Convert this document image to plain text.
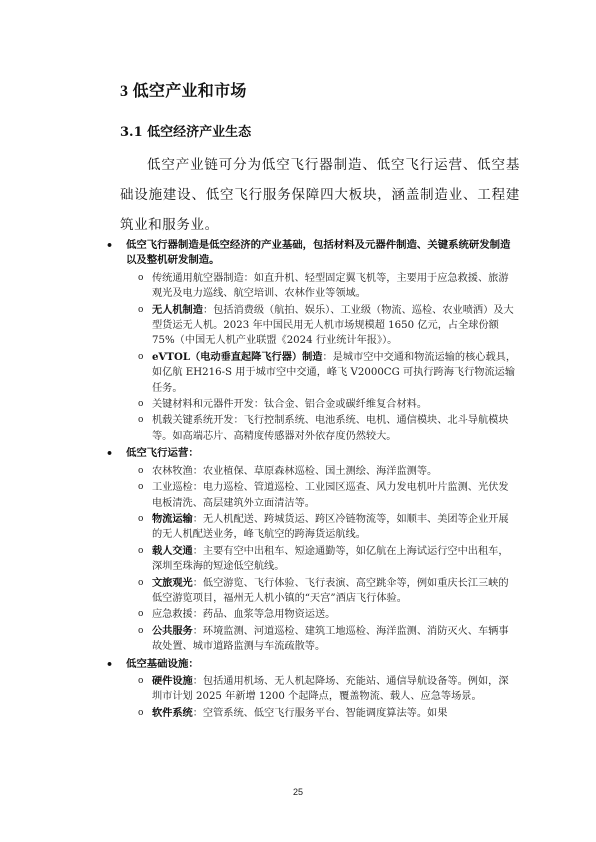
3 低空产业和市场
3.1 低空经济产业生态

低空产业链可分为低空飞行器制造、低空飞行运营、低空基础设施建设、低空飞行服务保障四大板块，涵盖制造业、工程建筑业和服务业。

• 低空飞行器制造是低空经济的产业基础，包括材料及元器件制造、关键系统研发制造以及整机研发制造。
o 传统通用航空器制造：如直升机、轻型固定翼飞机等，主要用于应急救援、旅游观光及电力巡线、航空培训、农林作业等领域。
o 无人机制造：包括消费级（航拍、娱乐）、工业级（物流、巡检、农业喷洒）及大型货运无人机。2023 年中国民用无人机市场规模超 1650 亿元，占全球份额 75%（中国无人机产业联盟《2024 行业统计年报》）。
o eVTOL（电动垂直起降飞行器）制造：是城市空中交通和物流运输的核心载具，如亿航 EH216-S 用于城市空中交通，峰飞 V2000CG 可执行跨海飞行物流运输任务。
o 关键材料和元器件开发：钛合金、铝合金或碳纤维复合材料。
o 机载关键系统开发：飞行控制系统、电池系统、电机、通信模块、北斗导航模块等。如高端芯片、高精度传感器对外依存度仍然较大。
• 低空飞行运营：
o 农林牧渔：农业植保、草原森林巡检、国土测绘、海洋监测等。
o 工业巡检：电力巡检、管道巡检、工业园区巡查、风力发电机叶片监测、光伏发电板清洗、高层建筑外立面清洁等。
o 物流运输：无人机配送、跨城货运、跨区冷链物流等，如顺丰、美团等企业开展的无人机配送业务，峰飞航空的跨海货运航线。
o 载人交通：主要有空中出租车、短途通勤等，如亿航在上海试运行空中出租车，深圳至珠海的短途低空航线。
o 文旅观光：低空游览、飞行体验、飞行表演、高空跳伞等，例如重庆长江三峡的低空游览项目，福州无人机小镇的“天宫”酒店飞行体验。
o 应急救援：药品、血浆等急用物资运送。
o 公共服务：环境监测、河道巡检、建筑工地巡检、海洋监测、消防灭火、车辆事故处置、城市道路监测与车流疏散等。
• 低空基础设施：
o 硬件设施：包括通用机场、无人机起降场、充能站、通信导航设备等。例如，深圳市计划 2025 年新增 1200 个起降点，覆盖物流、载人、应急等场景。
o 软件系统：空管系统、低空飞行服务平台、智能调度算法等。如果
25
